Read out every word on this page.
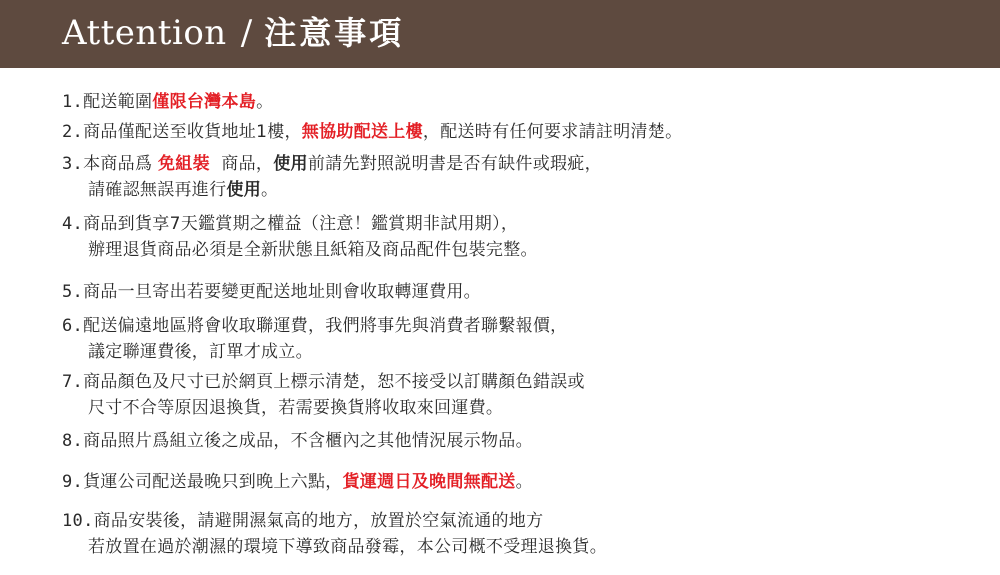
Attention / 注意事項
1.配送範圍僅限台灣本島。
2.商品僅配送至收貨地址1樓，無協助配送上樓，配送時有任何要求請註明清楚。
3.本商品爲 免組裝  商品，使用前請先對照説明書是否有缺件或瑕疵，
請確認無誤再進行使用。
4.商品到貨享7天鑑賞期之權益（注意！鑑賞期非試用期），
辦理退貨商品必須是全新狀態且紙箱及商品配件包裝完整。
5.商品一旦寄出若要變更配送地址則會收取轉運費用。
6.配送偏遠地區將會收取聯運費，我們將事先與消費者聯繫報價，
議定聯運費後，訂單才成立。
7.商品顏色及尺寸已於網頁上標示清楚，恕不接受以訂購顏色錯誤或
尺寸不合等原因退換貨，若需要換貨將收取來回運費。
8.商品照片爲組立後之成品，不含櫃內之其他情況展示物品。
9.貨運公司配送最晚只到晚上六點，貨運週日及晚間無配送。
10.商品安裝後，請避開濕氣高的地方，放置於空氣流通的地方
若放置在過於潮濕的環境下導致商品發霉，本公司概不受理退換貨。
